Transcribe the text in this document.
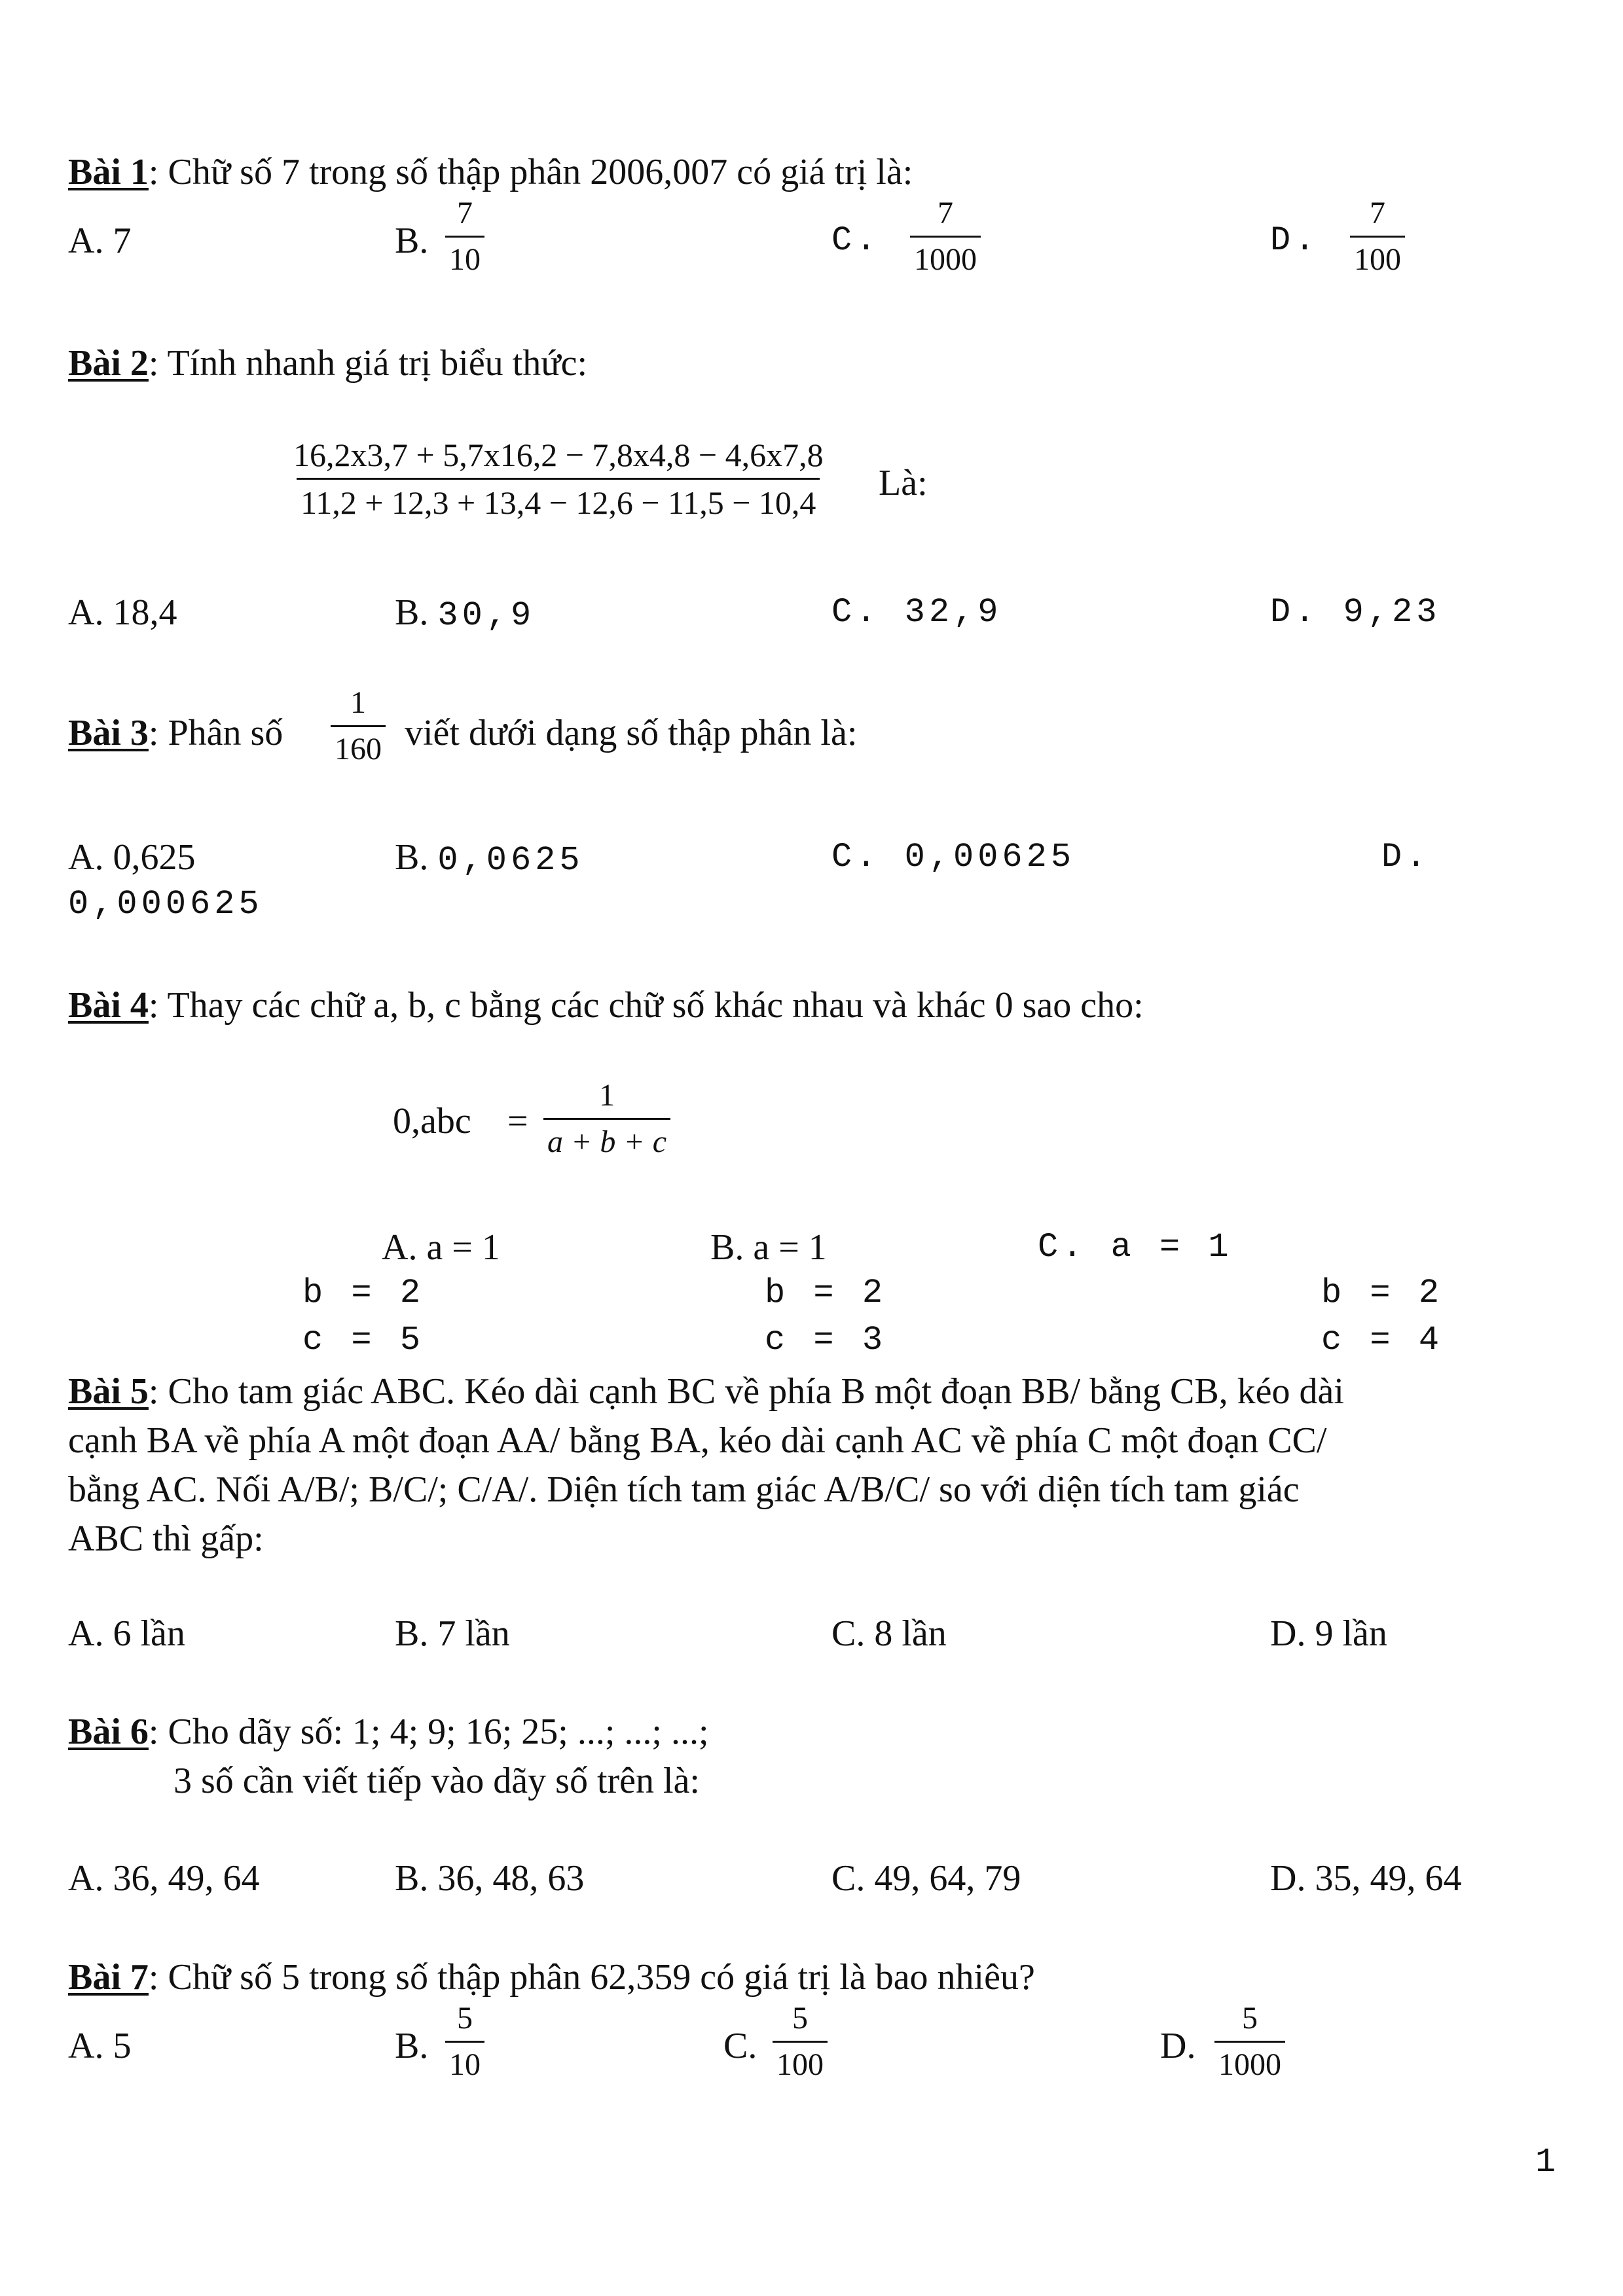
Bài 1: Chữ số 7 trong số thập phân 2006,007 có giá trị là:
A. 7	B. $\frac{7}{10}$	C. $\frac{7}{1000}$	D. $\frac{7}{100}$
Bài 2: Tính nhanh giá trị biểu thức:
$\frac{16,2x3,7 + 5,7x16,2 - 7,8x4,8 - 4,6x7,8}{11,2 + 12,3 + 13,4 - 12,6 - 11,5 - 10,4}$ Là:
A. 18,4	B. 30,9	C. 32,9	D. 9,23
Bài 3: Phân số $\frac{1}{160}$ viết dưới dạng số thập phân là:
A. 0,625	B. 0,0625	C. 0,00625	D.
0,000625
Bài 4: Thay các chữ a, b, c bằng các chữ số khác nhau và khác 0 sao cho:
$0,abc = \frac{1}{a + b + c}$
A. a = 1
b = 2
c = 5
B. a = 1
b = 2
c = 3
C. a = 1
b = 2
c = 4
Bài 5: Cho tam giác ABC. Kéo dài cạnh BC về phía B một đoạn BB/ bằng CB, kéo dài
cạnh BA về phía A một đoạn AA/ bằng BA, kéo dài cạnh AC về phía C một đoạn CC/
bằng AC. Nối A/B/; B/C/; C/A/. Diện tích tam giác A/B/C/ so với diện tích tam giác
ABC thì gấp:
A. 6 lần	B. 7 lần	C. 8 lần	D. 9 lần
Bài 6: Cho dãy số: 1; 4; 9; 16; 25; ...; ...; ...;
3 số cần viết tiếp vào dãy số trên là:
A. 36, 49, 64	B. 36, 48, 63	C. 49, 64, 79	D. 35, 49, 64
Bài 7: Chữ số 5 trong số thập phân 62,359 có giá trị là bao nhiêu?
A. 5	B. $\frac{5}{10}$	C. $\frac{5}{100}$	D. $\frac{5}{1000}$
1
